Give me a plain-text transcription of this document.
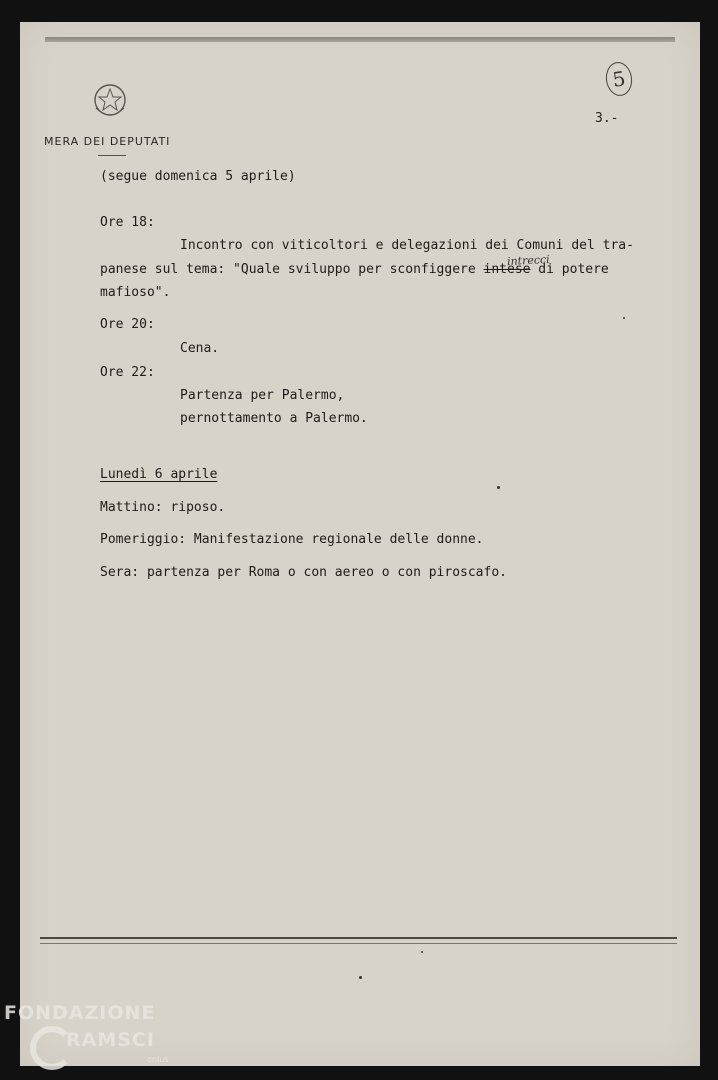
MERA DEI DEPUTATI
3.-
5
(segue domenica 5 aprile)
Ore 18:
Incontro con viticoltori e delegazioni dei Comuni del tra-
panese sul tema: "Quale sviluppo per sconfiggere intese di potere
intrecci
mafioso".
Ore 20:
Cena.
Ore 22:
Partenza per Palermo,
pernottamento a Palermo.
Lunedì 6 aprile
Mattino: riposo.
Pomeriggio: Manifestazione regionale delle donne.
Sera: partenza per Roma o con aereo o con piroscafo.
FONDAZIONE
RAMSCI
onlus
